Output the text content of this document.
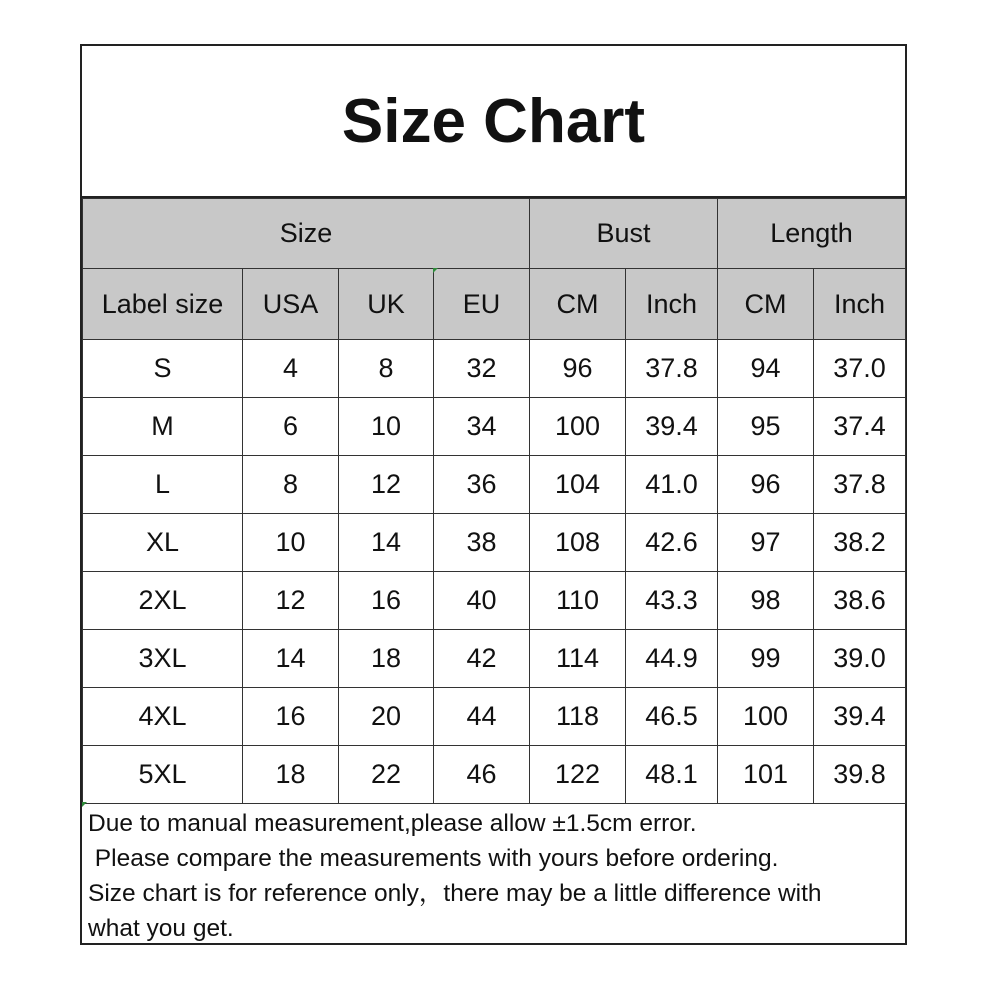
Size Chart
Size				Bust		Length	
Label size	USA	UK	EU	CM	Inch	CM	Inch
S	4	8	32	96	37.8	94	37.0
M	6	10	34	100	39.4	95	37.4
L	8	12	36	104	41.0	96	37.8
XL	10	14	38	108	42.6	97	38.2
2XL	12	16	40	110	43.3	98	38.6
3XL	14	18	42	114	44.9	99	39.0
4XL	16	20	44	118	46.5	100	39.4
5XL	18	22	46	122	48.1	101	39.8
Due to manual measurement,please allow ±1.5cm error.
Please compare the measurements with yours before ordering.
Size chart is for reference only，there may be a little difference with
what you get.
